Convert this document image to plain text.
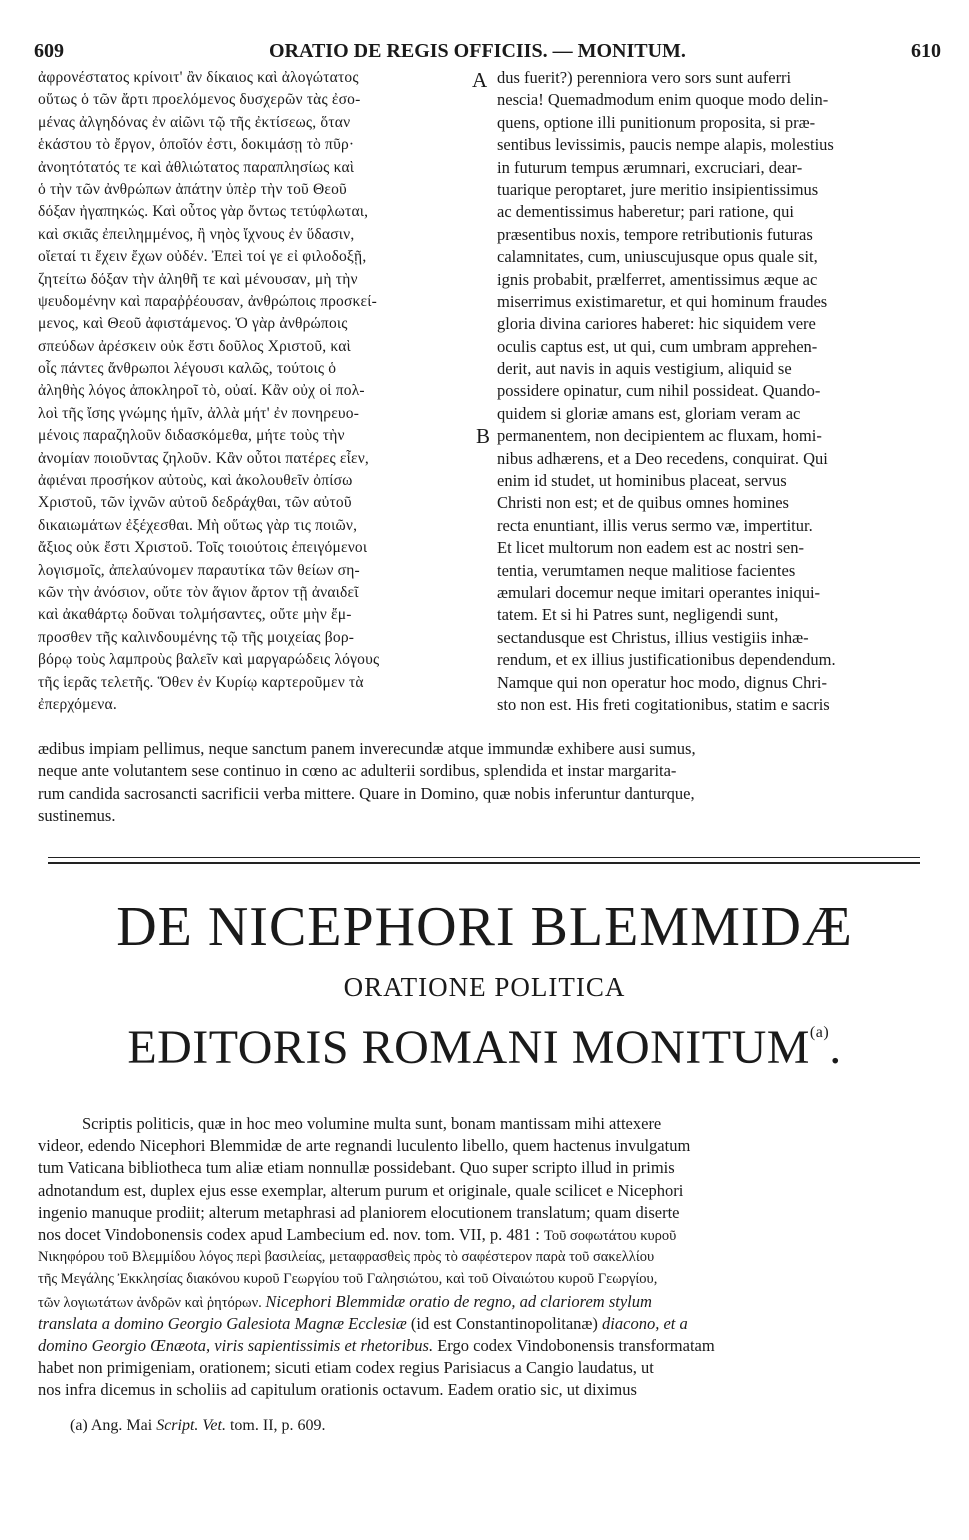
609	ORATIO DE REGIS OFFICIIS. — MONITUM.	610
A
B
ἀφρονέστατος κρίνοιτ' ἂν δίκαιος καὶ ἀλογώτατος
οὕτως ὁ τῶν ἄρτι προελόμενος δυσχερῶν τὰς ἐσο-
μένας ἀλγηδόνας ἐν αἰῶνι τῷ τῆς ἐκτίσεως, ὅταν
ἑκάστου τὸ ἔργον, ὁποῖόν ἐστι, δοκιμάσῃ τὸ πῦρ·
ἀνοητότατός τε καὶ ἀθλιώτατος παραπλησίως καὶ
ὁ τὴν τῶν ἀνθρώπων ἀπάτην ὑπὲρ τὴν τοῦ Θεοῦ
δόξαν ἠγαπηκώς. Καὶ οὗτος γὰρ ὄντως τετύφλωται,
καὶ σκιᾶς ἐπειλημμένος, ἢ νηὸς ἴχνους ἐν ὕδασιν,
οἴεταί τι ἔχειν ἔχων οὐδέν. Ἐπεὶ τοί γε εἰ φιλοδοξῇ,
ζητείτω δόξαν τὴν ἀληθῆ τε καὶ μένουσαν, μὴ τὴν
ψευδομένην καὶ παραῤῥέουσαν, ἀνθρώποις προσκεί-
μενος, καὶ Θεοῦ ἀφιστάμενος. Ὁ γὰρ ἀνθρώποις
σπεύδων ἀρέσκειν οὐκ ἔστι δοῦλος Χριστοῦ, καὶ
οἷς πάντες ἄνθρωποι λέγουσι καλῶς, τούτοις ὁ
ἀληθὴς λόγος ἀποκληροῖ τὸ, οὐαί. Κἂν οὐχ οἱ πολ-
λοὶ τῆς ἴσης γνώμης ἡμῖν, ἀλλὰ μήτ' ἐν πονηρευο-
μένοις παραζηλοῦν διδασκόμεθα, μήτε τοὺς τὴν
ἀνομίαν ποιοῦντας ζηλοῦν. Κἂν οὗτοι πατέρες εἶεν,
ἀφιέναι προσήκον αὐτοὺς, καὶ ἀκολουθεῖν ὀπίσω
Χριστοῦ, τῶν ἰχνῶν αὐτοῦ δεδράχθαι, τῶν αὐτοῦ
δικαιωμάτων ἐξέχεσθαι. Μὴ οὕτως γὰρ τις ποιῶν,
ἄξιος οὐκ ἔστι Χριστοῦ. Τοῖς τοιούτοις ἐπειγόμενοι
λογισμοῖς, ἀπελαύνομεν παραυτίκα τῶν θείων ση-
κῶν τὴν ἀνόσιον, οὔτε τὸν ἅγιον ἄρτον τῇ ἀναιδεῖ
καὶ ἀκαθάρτῳ δοῦναι τολμήσαντες, οὔτε μὴν ἔμ-
προσθεν τῆς καλινδουμένης τῷ τῆς μοιχείας βορ-
βόρῳ τοὺς λαμπροὺς βαλεῖν καὶ μαργαρώδεις λόγους
τῆς ἱερᾶς τελετῆς. Ὅθεν ἐν Κυρίῳ καρτεροῦμεν τὰ
ἐπερχόμενα.
dus fuerit?) perenniora vero sors sunt auferri
nescia! Quemadmodum enim quoque modo delin-
quens, optione illi punitionum proposita, si præ-
sentibus levissimis, paucis nempe alapis, molestius
in futurum tempus ærumnari, excruciari, dear-
tuarique peroptaret, jure meritio insipientissimus
ac dementissimus haberetur; pari ratione, qui
præsentibus noxis, tempore retributionis futuras
calamnitates, cum, uniuscujusque opus quale sit,
ignis probabit, prælferret, amentissimus æque ac
miserrimus existimaretur, et qui hominum fraudes
gloria divina cariores haberet: hic siquidem vere
oculis captus est, ut qui, cum umbram apprehen-
derit, aut navis in aquis vestigium, aliquid se
possidere opinatur, cum nihil possideat. Quando-
quidem si gloriæ amans est, gloriam veram ac
permanentem, non decipientem ac fluxam, homi-
nibus adhærens, et a Deo recedens, conquirat. Qui
enim id studet, ut hominibus placeat, servus
Christi non est; et de quibus omnes homines
recta enuntiant, illis verus sermo væ, impertitur.
Et licet multorum non eadem est ac nostri sen-
tentia, verumtamen neque malitiose facientes
æmulari docemur neque imitari operantes iniqui-
tatem. Et si hi Patres sunt, negligendi sunt,
sectandusque est Christus, illius vestigiis inhæ-
rendum, et ex illius justificationibus dependendum.
Namque qui non operatur hoc modo, dignus Chri-
sto non est. His freti cogitationibus, statim e sacris
ædibus impiam pellimus, neque sanctum panem inverecundæ atque immundæ exhibere ausi sumus,
neque ante volutantem sese continuo in cœno ac adulterii sordibus, splendida et instar margarita-
rum candida sacrosancti sacrificii verba mittere. Quare in Domino, quæ nobis inferuntur danturque,
sustinemus.
DE NICEPHORI BLEMMIDÆ
ORATIONE POLITICA
EDITORIS ROMANI MONITUM$^{(a)}$.
Scriptis politicis, quæ in hoc meo volumine multa sunt, bonam mantissam mihi attexere
videor, edendo Nicephori Blemmidæ de arte regnandi luculento libello, quem hactenus invulgatum
tum Vaticana bibliotheca tum aliæ etiam nonnullæ possidebant. Quo super scripto illud in primis
adnotandum est, duplex ejus esse exemplar, alterum purum et originale, quale scilicet e Nicephori
ingenio manuque prodiit; alterum metaphrasi ad planiorem elocutionem translatum; quam diserte
nos docet Vindobonensis codex apud Lambecium ed. nov. tom. VII, p. 481 : Τοῦ σοφωτάτου κυροῦ
Νικηφόρου τοῦ Βλεμμίδου λόγος περὶ βασιλείας, μεταφρασθεὶς πρὸς τὸ σαφέστερον παρὰ τοῦ σακελλίου
τῆς Μεγάλης Ἐκκλησίας διακόνου κυροῦ Γεωργίου τοῦ Γαλησιώτου, καὶ τοῦ Οἰναιώτου κυροῦ Γεωργίου,
τῶν λογιωτάτων ἀνδρῶν καὶ ῥητόρων. Nicephori Blemmidæ oratio de regno, ad clariorem stylum
translata a domino Georgio Galesiota Magnæ Ecclesiæ (id est Constantinopolitanæ) diacono, et a
domino Georgio Œnæota, viris sapientissimis et rhetoribus. Ergo codex Vindobonensis transformatam
habet non primigeniam, orationem; sicuti etiam codex regius Parisiacus a Cangio laudatus, ut
nos infra dicemus in scholiis ad capitulum orationis octavum. Eadem oratio sic, ut diximus
(a) Ang. Mai Script. Vet. tom. II, p. 609.
